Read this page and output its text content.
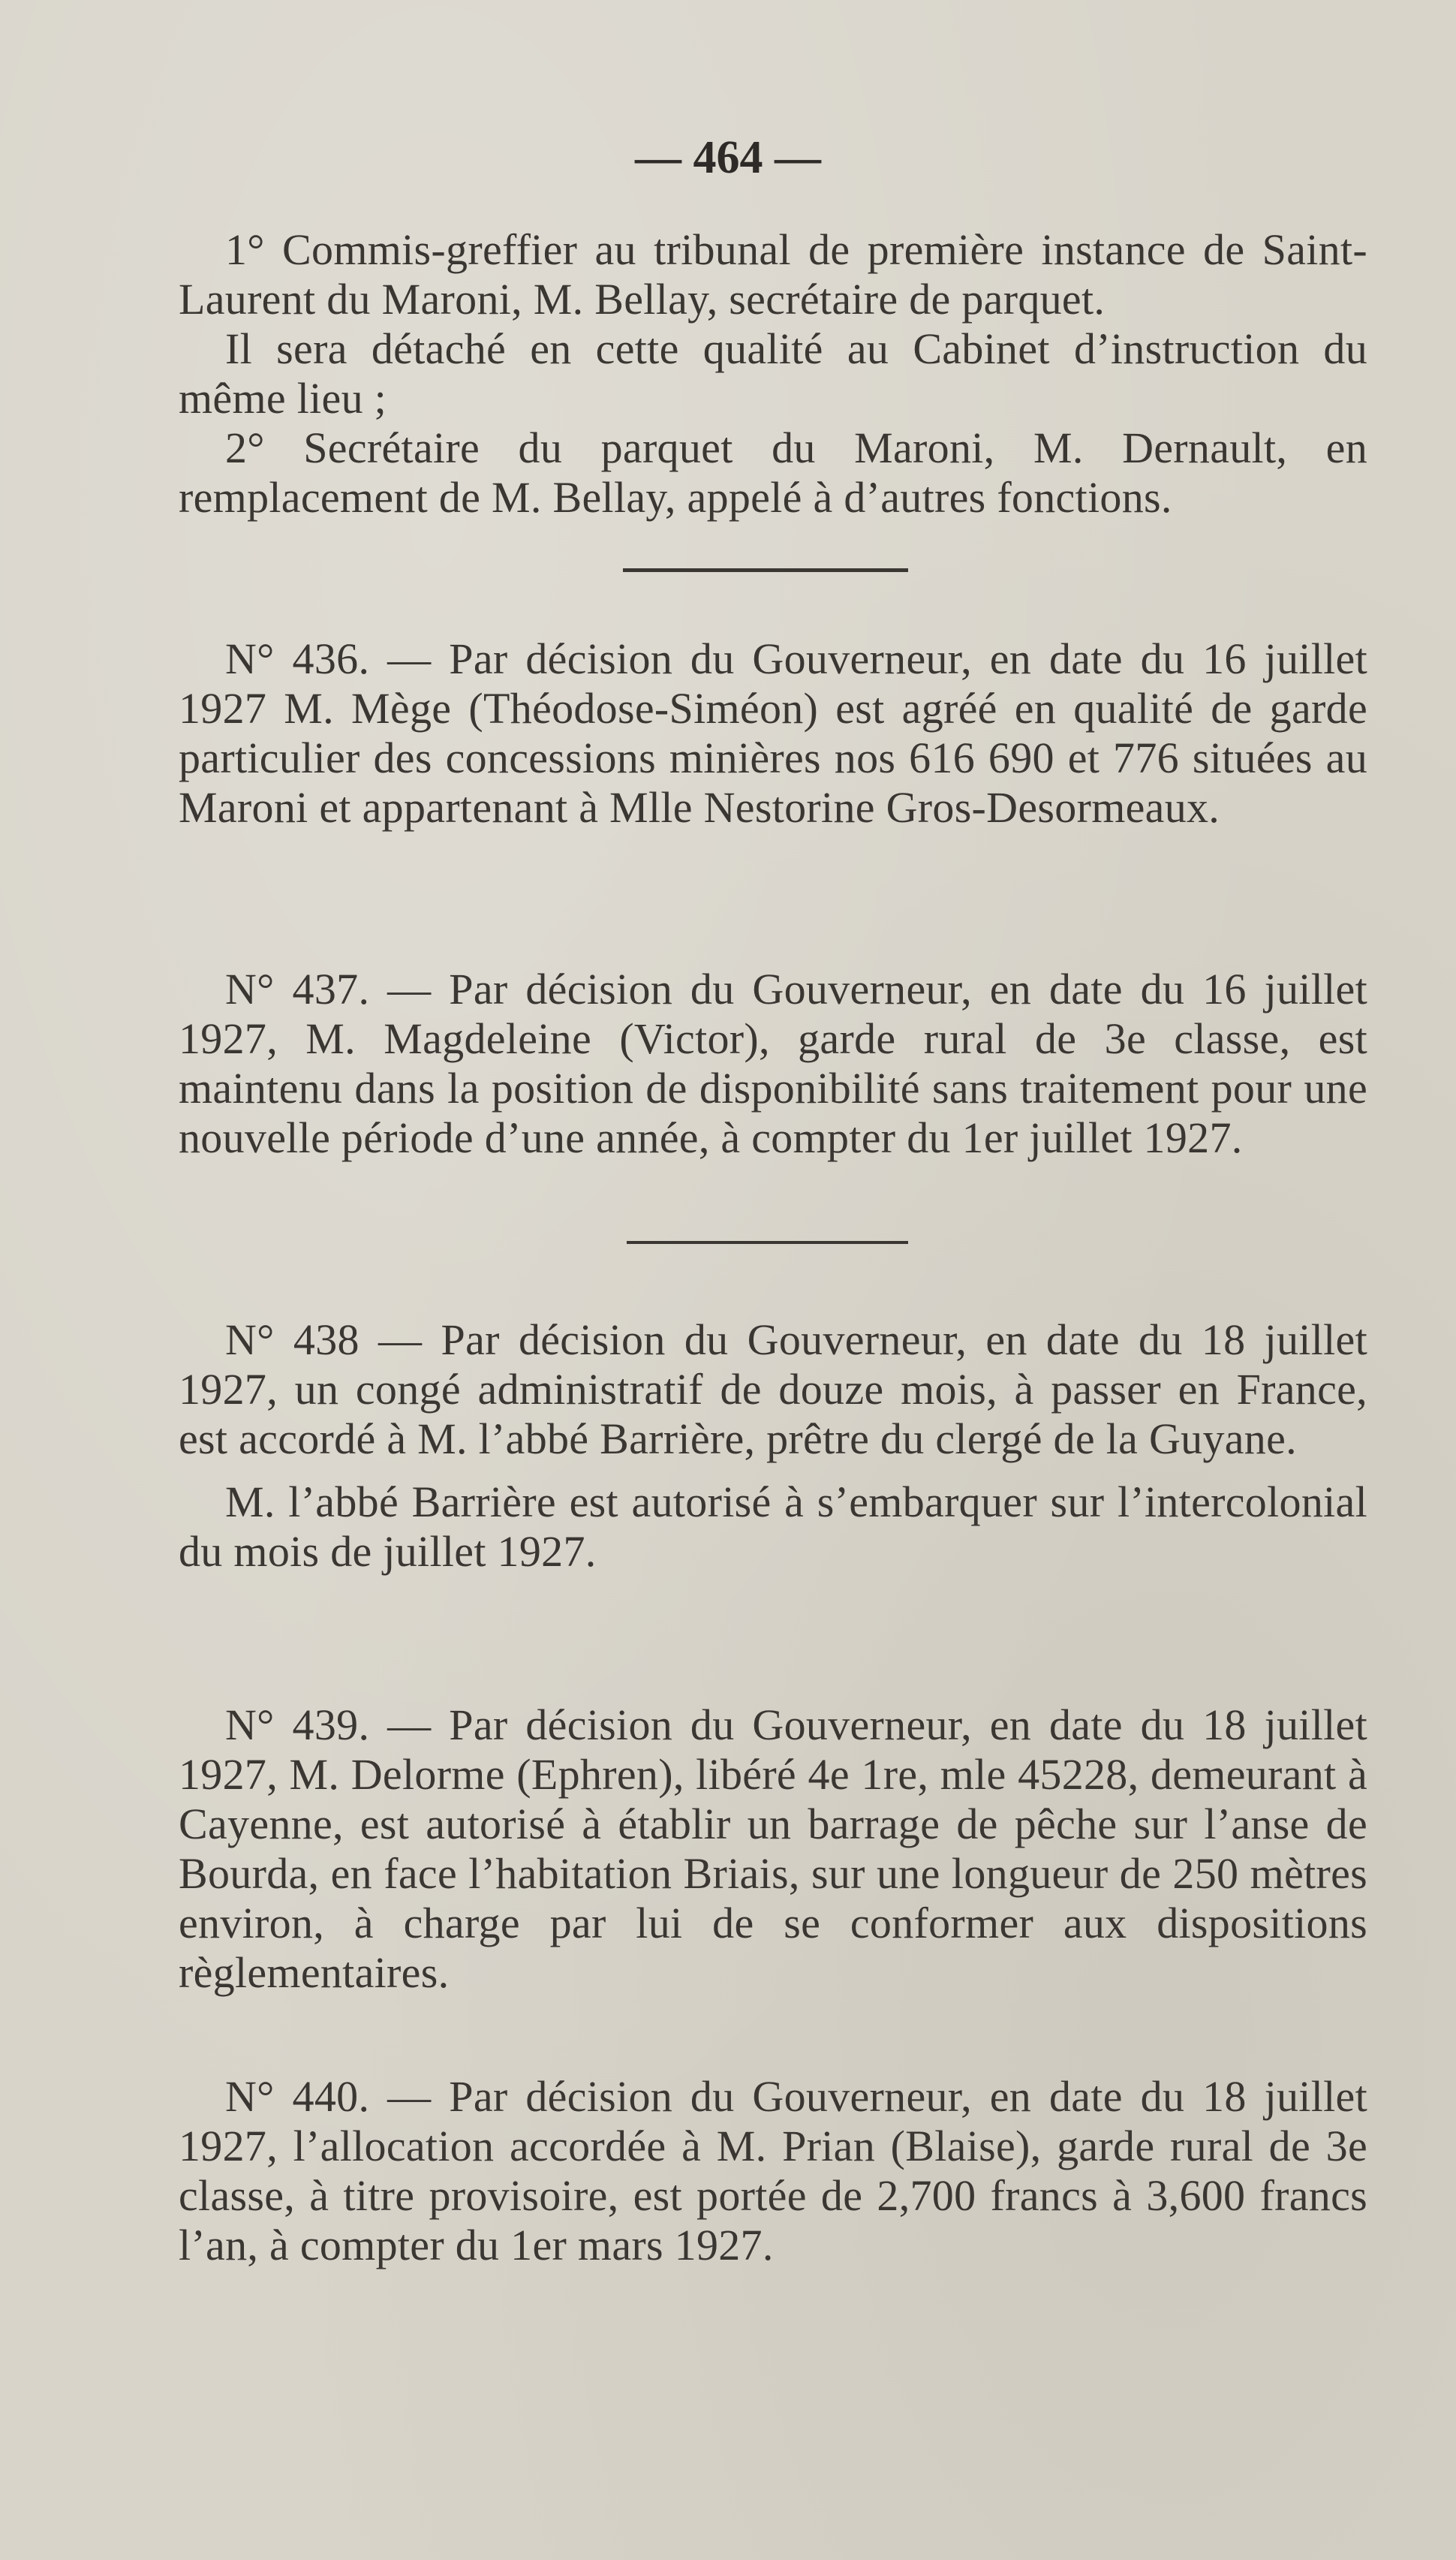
— 464 —

1° Commis-greffier au tribunal de première instance de Saint-Laurent du Maroni, M. Bellay, secrétaire de parquet.

Il sera détaché en cette qualité au Cabinet d’instruction du même lieu ;

2° Secrétaire du parquet du Maroni, M. Dernault, en remplacement de M. Bellay, appelé à d’autres fonctions.

N° 436. — Par décision du Gouverneur, en date du 16 juillet 1927 M. Mège (Théodose-Siméon) est agréé en qualité de garde particulier des concessions minières nos 616 690 et 776 situées au Maroni et appartenant à Mlle Nestorine Gros-Desormeaux.

N° 437. — Par décision du Gouverneur, en date du 16 juillet 1927, M. Magdeleine (Victor), garde rural de 3e classe, est maintenu dans la position de disponibilité sans traitement pour une nouvelle période d’une année, à compter du 1er juillet 1927.

N° 438 — Par décision du Gouverneur, en date du 18 juillet 1927, un congé administratif de douze mois, à passer en France, est accordé à M. l’abbé Barrière, prêtre du clergé de la Guyane.

M. l’abbé Barrière est autorisé à s’embarquer sur l’intercolonial du mois de juillet 1927.

N° 439. — Par décision du Gouverneur, en date du 18 juillet 1927, M. Delorme (Ephren), libéré 4e 1re, mle 45228, demeurant à Cayenne, est autorisé à établir un barrage de pêche sur l’anse de Bourda, en face l’habitation Briais, sur une longueur de 250 mètres environ, à charge par lui de se conformer aux dispositions règlementaires.

N° 440. — Par décision du Gouverneur, en date du 18 juillet 1927, l’allocation accordée à M. Prian (Blaise), garde rural de 3e classe, à titre provisoire, est portée de 2,700 francs à 3,600 francs l’an, à compter du 1er mars 1927.
